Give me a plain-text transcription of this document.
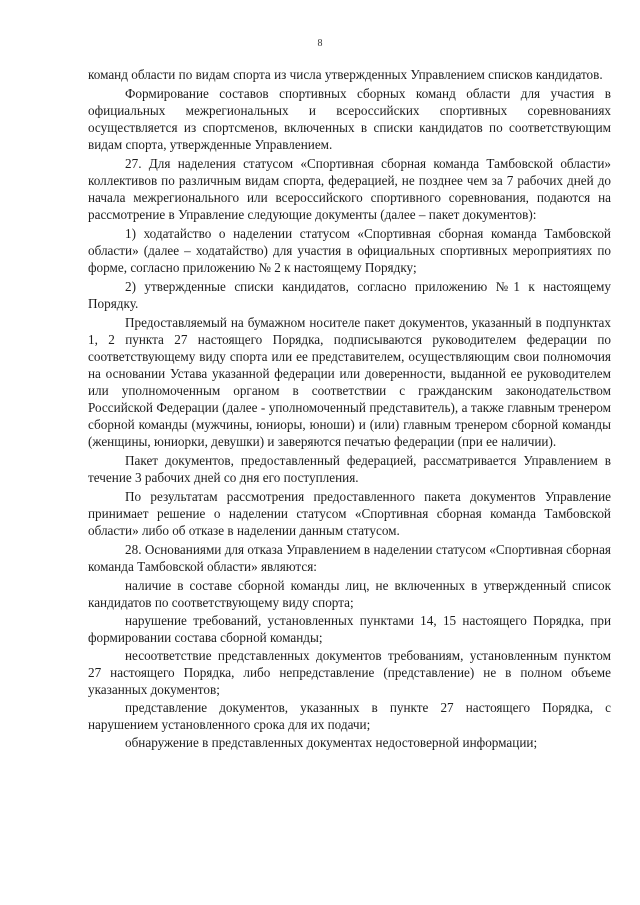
8

команд области по видам спорта из числа утвержденных Управлением списков кандидатов.

Формирование составов спортивных сборных команд области для участия в официальных межрегиональных и всероссийских спортивных соревнованиях осуществляется из спортсменов, включенных в списки кандидатов по соответствующим видам спорта, утвержденные Управлением.

27. Для наделения статусом «Спортивная сборная команда Тамбовской области» коллективов по различным видам спорта, федерацией, не позднее чем за 7 рабочих дней до начала межрегионального или всероссийского спортивного соревнования, подаются на рассмотрение в Управление следующие документы (далее – пакет документов):

1) ходатайство о наделении статусом «Спортивная сборная команда Тамбовской области» (далее – ходатайство) для участия в официальных спортивных мероприятиях по форме, согласно приложению № 2 к настоящему Порядку;

2) утвержденные списки кандидатов, согласно приложению №1 к настоящему Порядку.

Предоставляемый на бумажном носителе пакет документов, указанный в подпунктах 1, 2 пункта 27 настоящего Порядка, подписываются руководителем федерации по соответствующему виду спорта или ее представителем, осуществляющим свои полномочия на основании Устава указанной федерации или доверенности, выданной ее руководителем или уполномоченным органом в соответствии с гражданским законодательством Российской Федерации (далее - уполномоченный представитель), а также главным тренером сборной команды (мужчины, юниоры, юноши) и (или) главным тренером сборной команды (женщины, юниорки, девушки) и заверяются печатью федерации (при ее наличии).

Пакет документов, предоставленный федерацией, рассматривается Управлением в течение 3 рабочих дней со дня его поступления.

По результатам рассмотрения предоставленного пакета документов Управление принимает решение о наделении статусом «Спортивная сборная команда Тамбовской области» либо об отказе в наделении данным статусом.

28. Основаниями для отказа Управлением в наделении статусом «Спортивная сборная команда Тамбовской области» являются:

наличие в составе сборной команды лиц, не включенных в утвержденный список кандидатов по соответствующему виду спорта;

нарушение требований, установленных пунктами 14, 15 настоящего Порядка, при формировании состава сборной команды;

несоответствие представленных документов требованиям, установленным пунктом 27 настоящего Порядка, либо непредставление (представление) не в полном объеме указанных документов;

представление документов, указанных в пункте 27 настоящего Порядка, с нарушением установленного срока для их подачи;

обнаружение в представленных документах недостоверной информации;
